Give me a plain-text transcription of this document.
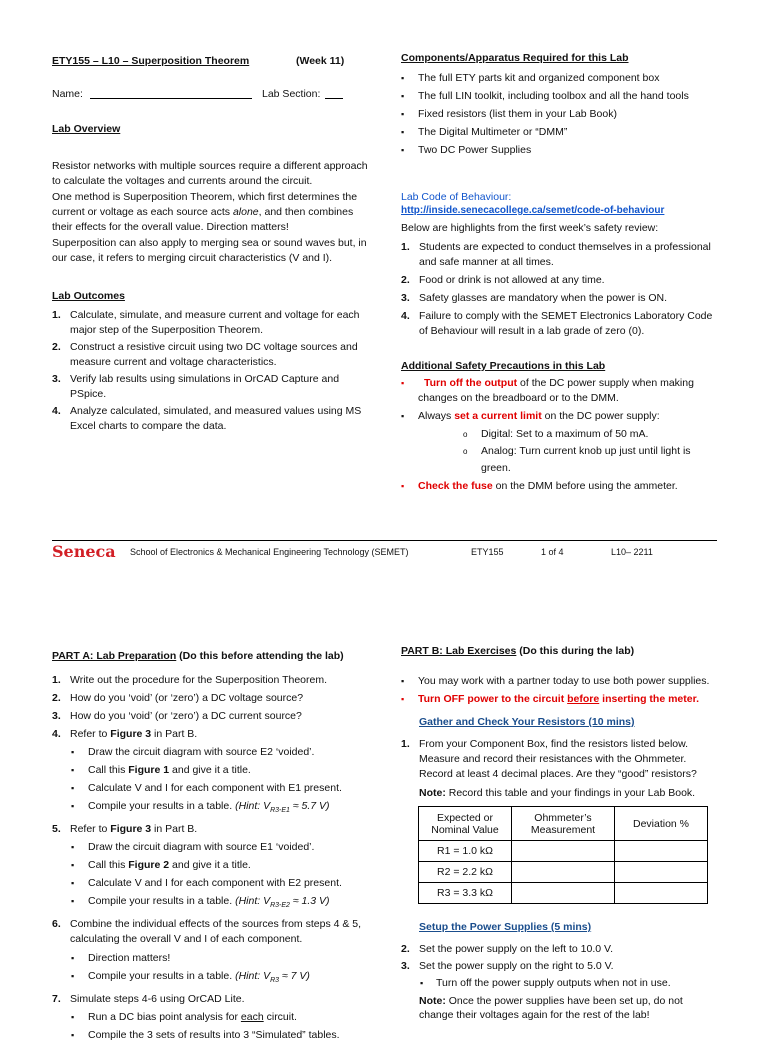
ETY155 – L10 – Superposition Theorem	(Week 11)
Name:	Lab Section:
Lab Overview

Resistor networks with multiple sources require a different approach to calculate the voltages and currents around the circuit.

One method is Superposition Theorem, which first determines the current or voltage as each source acts alone, and then combines their effects for the overall value. Direction matters!

Superposition can also apply to merging sea or sound waves but, in our case, it refers to merging circuit characteristics (V and I).

Lab Outcomes
1. Calculate, simulate, and measure current and voltage for each major step of the Superposition Theorem.
2. Construct a resistive circuit using two DC voltage sources and measure current and voltage characteristics.
3. Verify lab results using simulations in OrCAD Capture and PSpice.
4. Analyze calculated, simulated, and measured values using MS Excel charts to compare the data.
Components/Apparatus Required for this Lab
▪ The full ETY parts kit and organized component box
▪ The full LIN toolkit, including toolbox and all the hand tools
▪ Fixed resistors (list them in your Lab Book)
▪ The Digital Multimeter or “DMM”
▪ Two DC Power Supplies
Lab Code of Behaviour:
http://inside.senecacollege.ca/semet/code-of-behaviour
Below are highlights from the first week’s safety review:
1. Students are expected to conduct themselves in a professional and safe manner at all times.
2. Food or drink is not allowed at any time.
3. Safety glasses are mandatory when the power is ON.
4. Failure to comply with the SEMET Electronics Laboratory Code of Behaviour will result in a lab grade of zero (0).
Additional Safety Precautions in this Lab
▪ Turn off the output of the DC power supply when making changes on the breadboard or to the DMM.
▪ Always set a current limit on the DC power supply:
o Digital: Set to a maximum of 50 mA.
o Analog: Turn current knob up just until light is green.
▪ Check the fuse on the DMM before using the ammeter.
Seneca School of Electronics & Mechanical Engineering Technology (SEMET)	ETY155	1 of 4	L10– 2211
PART A: Lab Preparation (Do this before attending the lab)
1. Write out the procedure for the Superposition Theorem.
2. How do you ‘void’ (or ‘zero’) a DC voltage source?
3. How do you ‘void’ (or ‘zero’) a DC current source?
4. Refer to Figure 3 in Part B.
▪ Draw the circuit diagram with source E2 ‘voided’.
▪ Call this Figure 1 and give it a title.
▪ Calculate V and I for each component with E1 present.
▪ Compile your results in a table. (Hint: $V_{R3-E1} \approx 5.7$ V)
5. Refer to Figure 3 in Part B.
▪ Draw the circuit diagram with source E1 ‘voided’.
▪ Call this Figure 2 and give it a title.
▪ Calculate V and I for each component with E2 present.
▪ Compile your results in a table. (Hint: $V_{R3-E2} \approx 1.3$ V)
6. Combine the individual effects of the sources from steps 4 & 5, calculating the overall V and I of each component.
▪ Direction matters!
▪ Compile your results in a table. (Hint: $V_{R3} \approx 7$ V)
7. Simulate steps 4-6 using OrCAD Lite.
▪ Run a DC bias point analysis for each circuit.
▪ Compile the 3 sets of results into 3 “Simulated” tables.
PART B: Lab Exercises (Do this during the lab)
▪ You may work with a partner today to use both power supplies.
▪ Turn OFF power to the circuit before inserting the meter.
Gather and Check Your Resistors (10 mins)
1. From your Component Box, find the resistors listed below. Measure and record their resistances with the Ohmmeter. Record at least 4 decimal places. Are they “good” resistors?

Note: Record this table and your findings in your Lab Book.

Expected or Nominal Value	Ohmmeter’s Measurement	Deviation %
R1 = 1.0 kΩ		
R2 = 2.2 kΩ		
R3 = 3.3 kΩ		
Setup the Power Supplies (5 mins)
2. Set the power supply on the left to 10.0 V.
3. Set the power supply on the right to 5.0 V.
▪ Turn off the power supply outputs when not in use.

Note: Once the power supplies have been set up, do not change their voltages again for the rest of the lab!
